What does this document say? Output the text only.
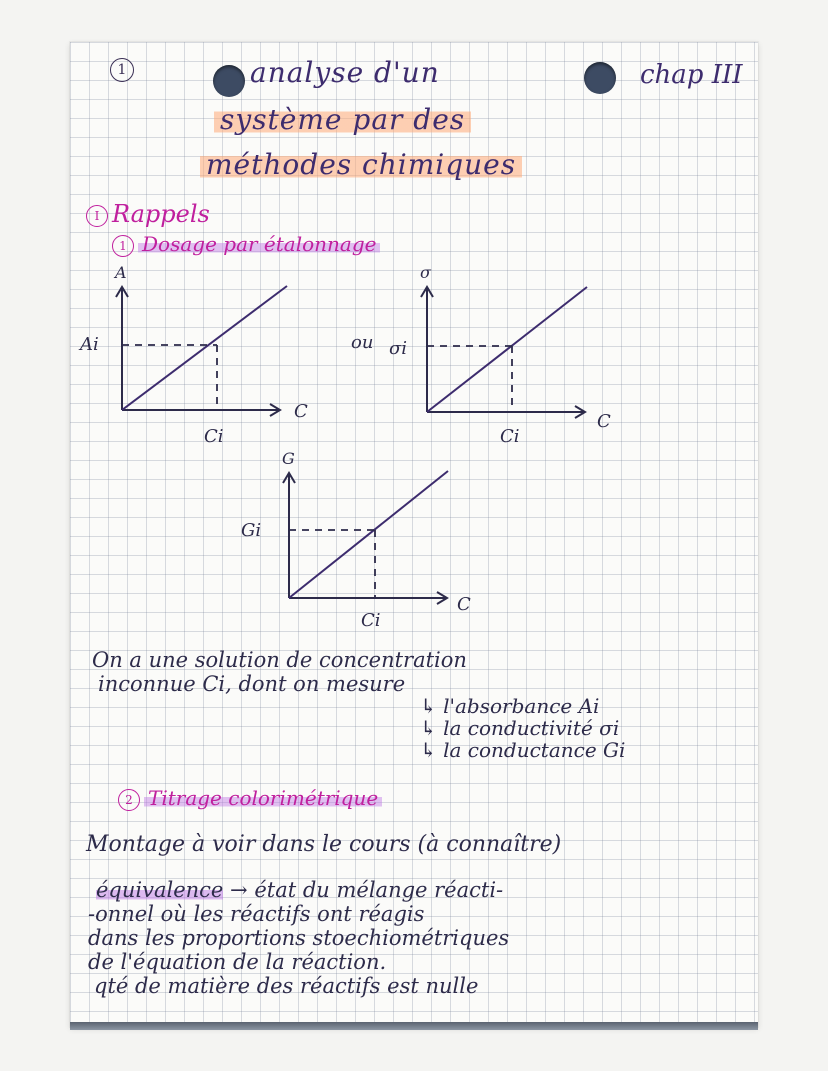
1	analyse d'un
système par des
méthodes chimiques
chap III
I Rappels
1 Dosage par étalonnage
A
C
Ai
Ci
ou
σ
C
σi
Ci
G
C
Gi
Ci
On a une solution de concentration
inconnue Ci, dont on mesure
↳ l'absorbance Ai
↳ la conductivité σi
↳ la conductance Gi
2 Titrage colorimétrique
Montage à voir dans le cours (à connaître)
équivalence → état du mélange réacti-
-onnel où les réactifs ont réagis
dans les proportions stoechiométriques
de l'équation de la réaction.
qté de matière des réactifs est nulle
